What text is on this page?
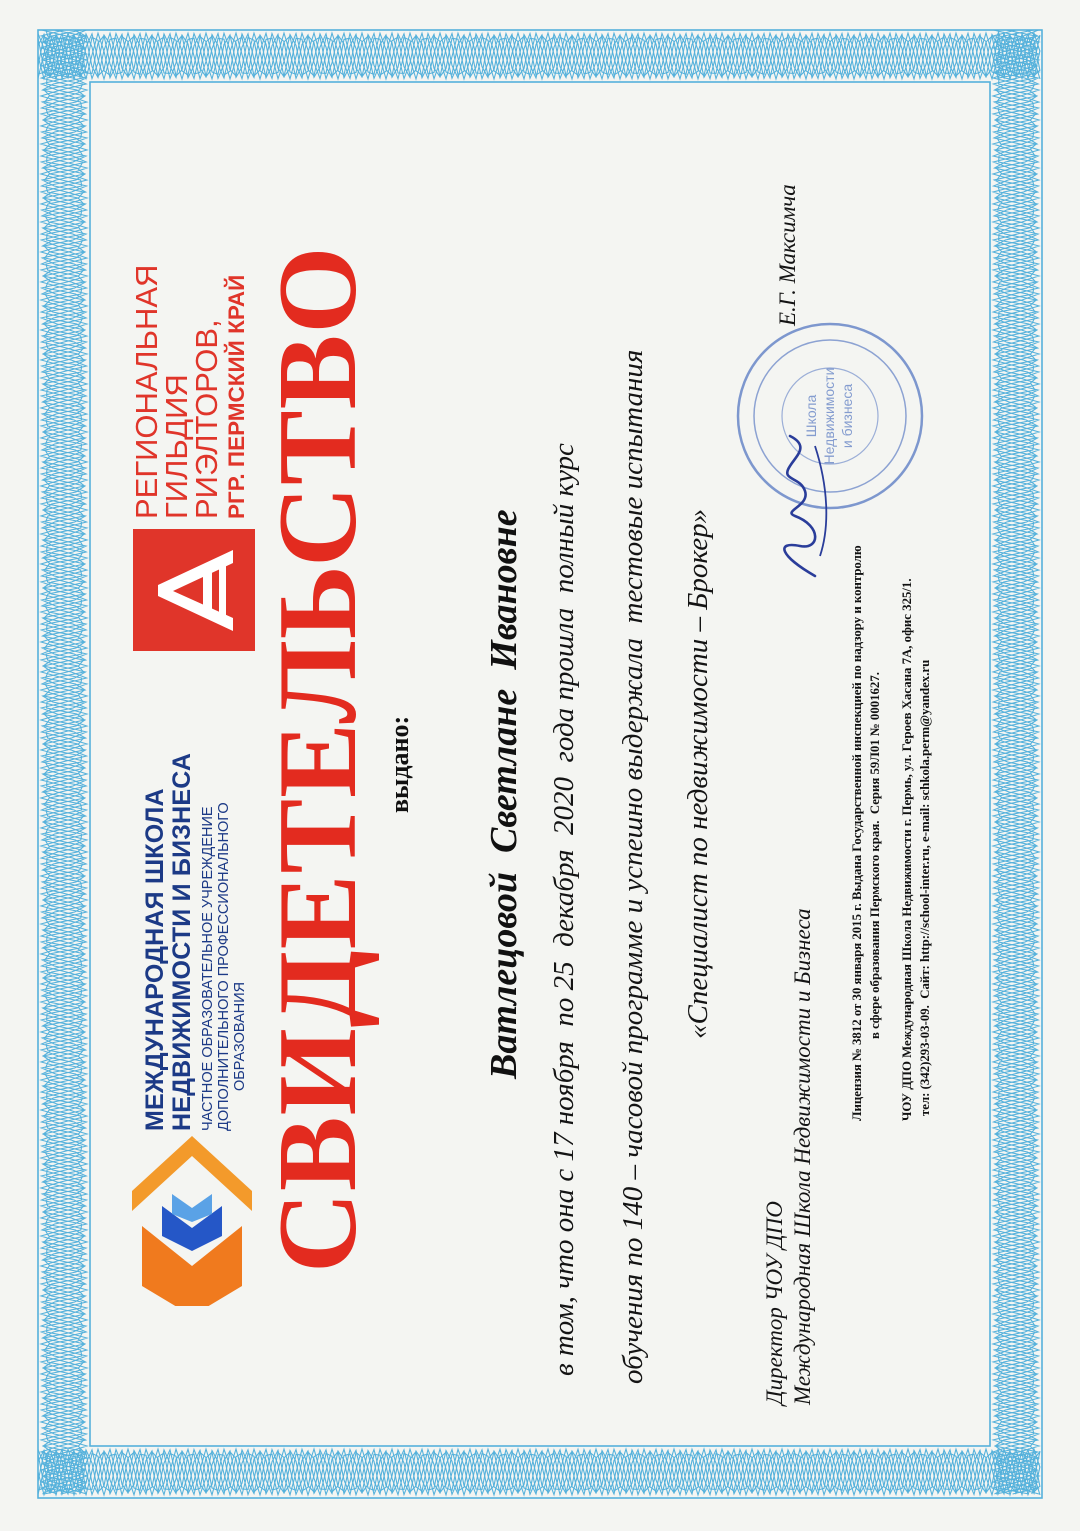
МЕЖДУНАРОДНАЯ ШКОЛА НЕДВИЖИМОСТИ И БИЗНЕСА ЧАСТНОЕ ОБРАЗОВАТЕЛЬНОЕ УЧРЕЖДЕНИЕ ДОПОЛНИТЕЛЬНОГО ПРОФЕССИОНАЛЬНОГО ОБРАЗОВАНИЯ
РЕГИОНАЛЬНАЯ
ГИЛЬДИЯ
РИЭЛТОРОВ, РГР. ПЕРМСКИЙ КРАЙ СВИДЕТЕЛЬСТВО выдано: Ватлецовой  Светлане  Ивановне в том, что она с 17 ноября  по 25  декабря  2020  года прошла  полный курс обучения по 140 – часовой программе и успешно выдержала  тестовые испытания «Специалист по недвижимости – Брокер»
Директор ЧОУ ДПО Международная Школа Недвижимости и Бизнеса
Школа Недвижимости и бизнеса
Е.Г. Максимча
Лицензия № 3812 от 30 января 2015 г. Выдана Государственной инспекцией по надзору и контролю в сфере образования Пермского края.  Серия 59Л01 № 0001627. ЧОУ ДПО Международная Школа Недвижимости г. Пермь, ул. Героев Хасана 7А, офис 325/1. тел: (342)293-03-09.  Сайт: http://school-inter.ru, e-mail: schkola.perm@yandex.ru
